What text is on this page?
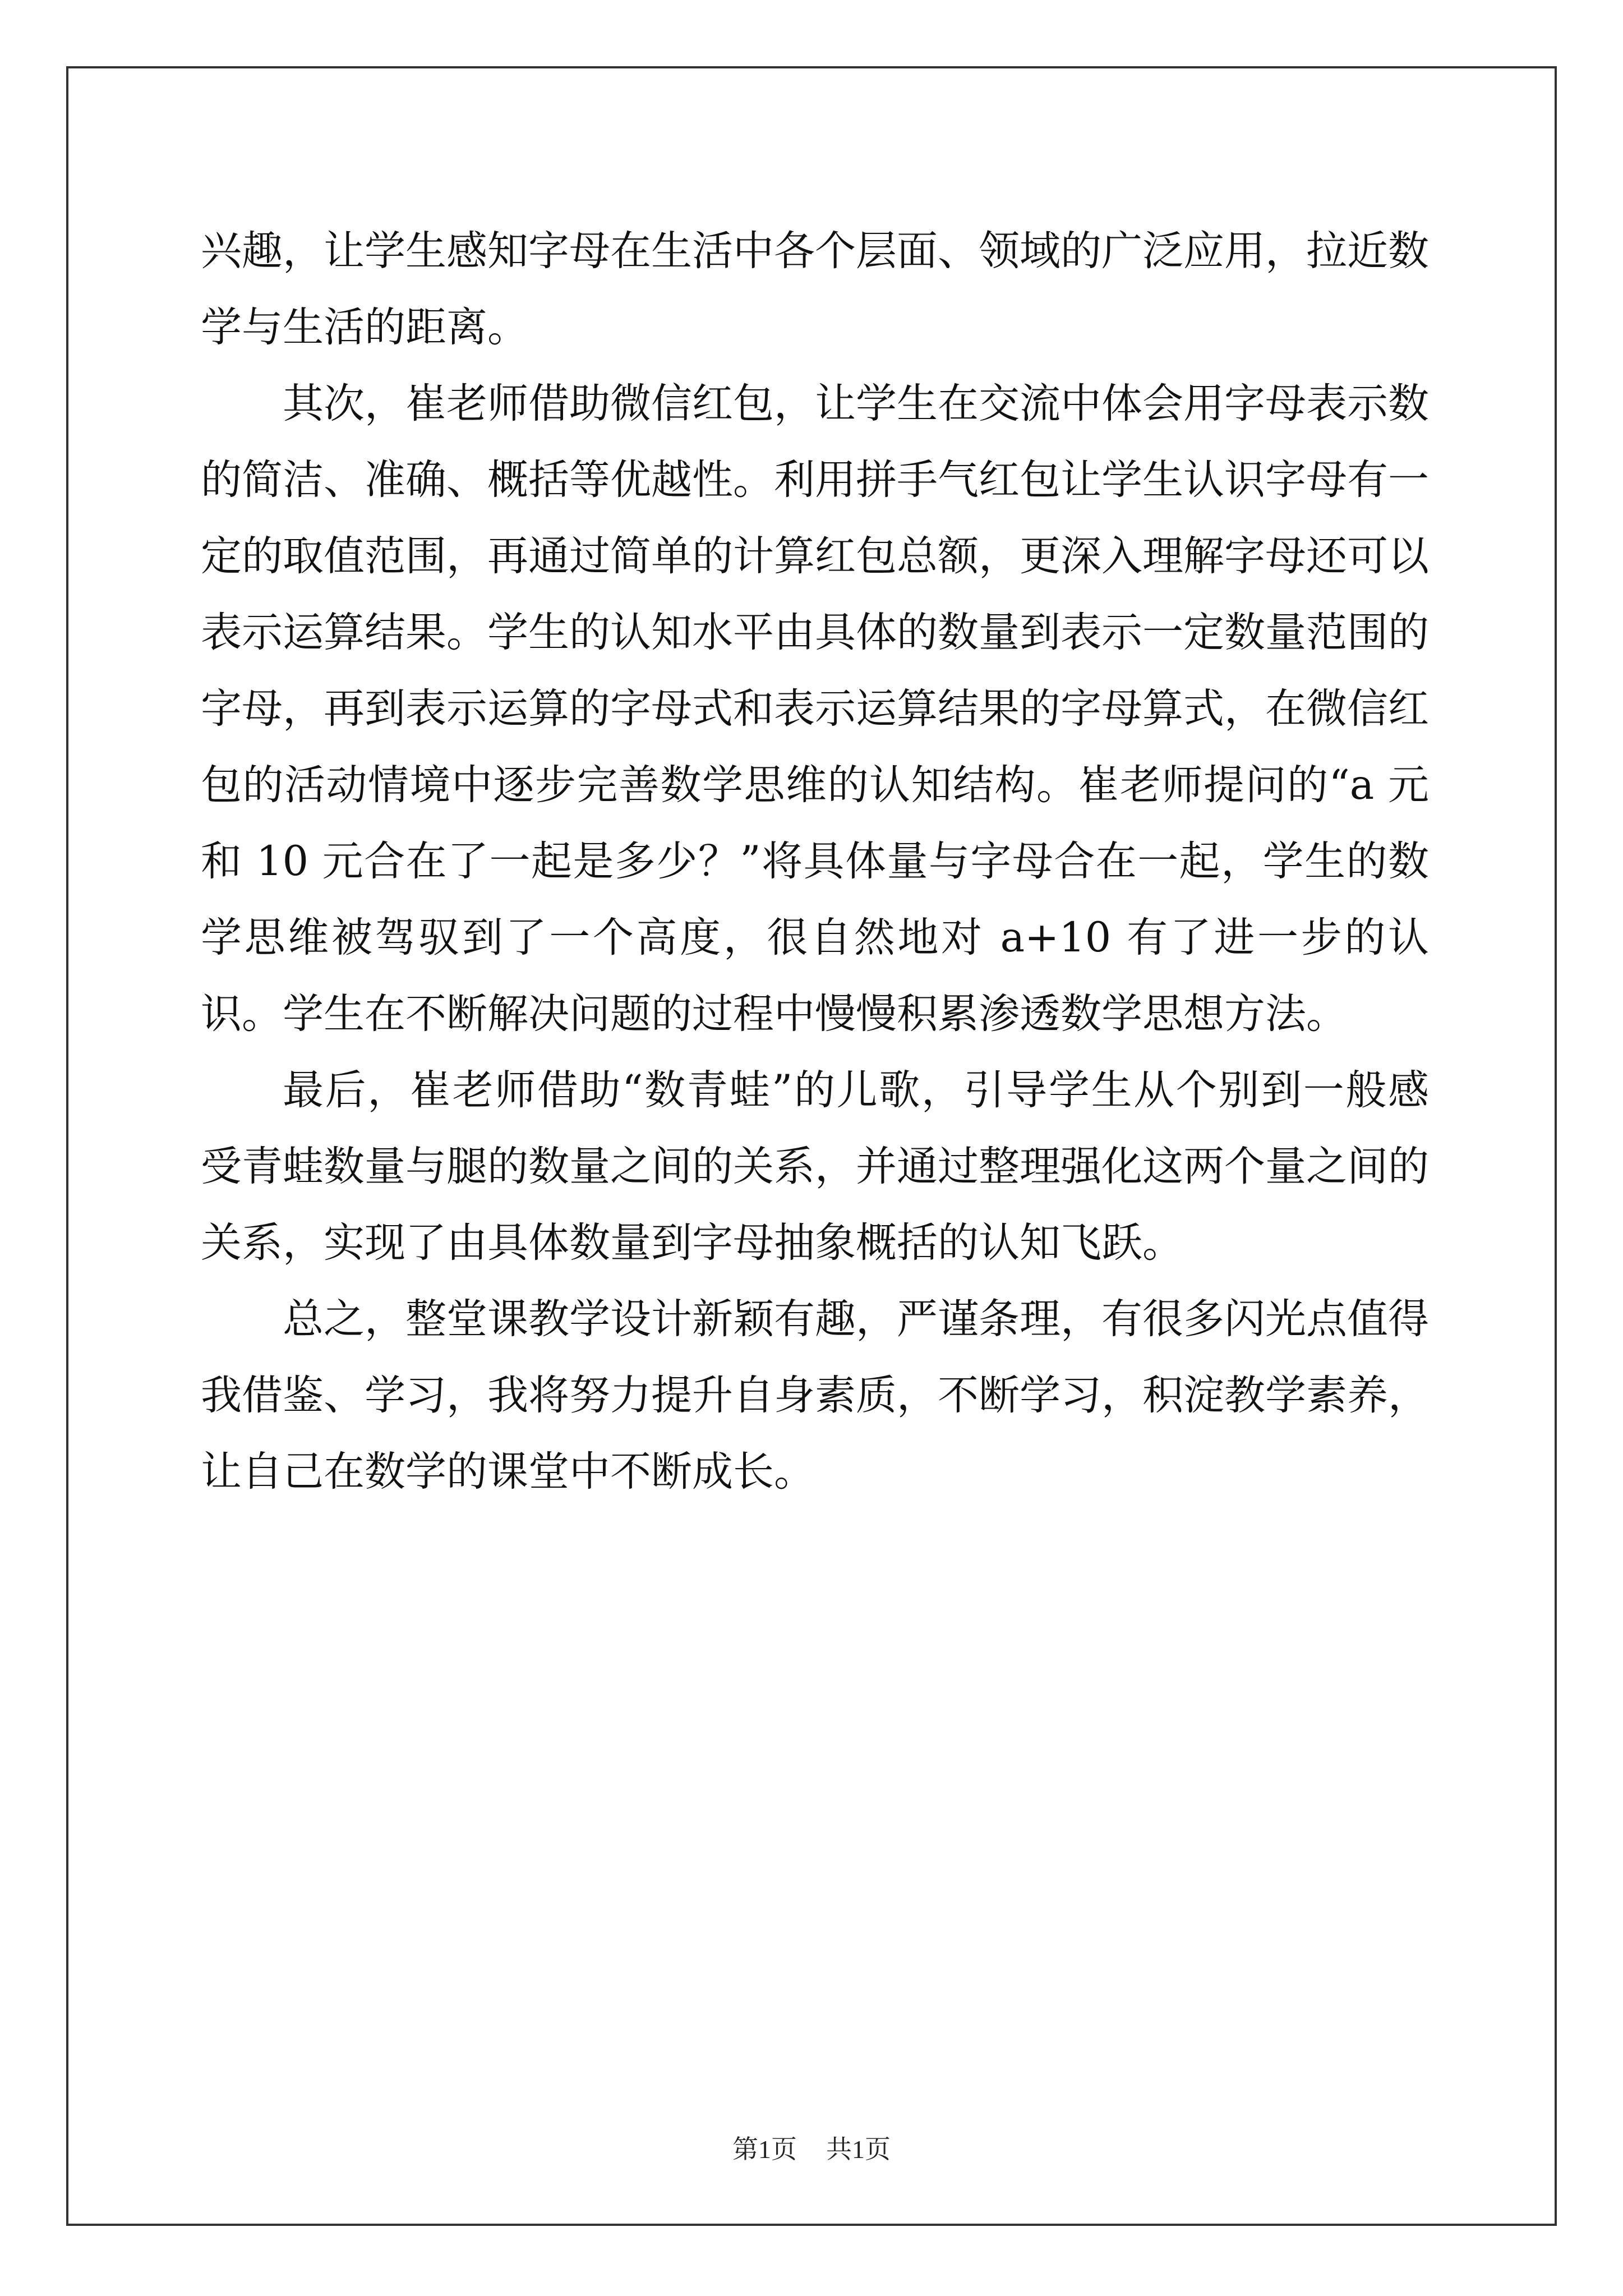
兴趣，让学生感知字母在生活中各个层面、领域的广泛应用，拉近数学与生活的距离。

其次，崔老师借助微信红包，让学生在交流中体会用字母表示数的简洁、准确、概括等优越性。利用拼手气红包让学生认识字母有一定的取值范围，再通过简单的计算红包总额，更深入理解字母还可以表示运算结果。学生的认知水平由具体的数量到表示一定数量范围的字母，再到表示运算的字母式和表示运算结果的字母算式，在微信红包的活动情境中逐步完善数学思维的认知结构。崔老师提问的“a 元和 10 元合在了一起是多少？”将具体量与字母合在一起，学生的数学思维被驾驭到了一个高度，很自然地对 a+10 有了进一步的认识。学生在不断解决问题的过程中慢慢积累渗透数学思想方法。

最后，崔老师借助“数青蛙”的儿歌，引导学生从个别到一般感受青蛙数量与腿的数量之间的关系，并通过整理强化这两个量之间的关系，实现了由具体数量到字母抽象概括的认知飞跃。

总之，整堂课教学设计新颖有趣，严谨条理，有很多闪光点值得我借鉴、学习，我将努力提升自身素质，不断学习，积淀教学素养，让自己在数学的课堂中不断成长。

第1页 共1页
